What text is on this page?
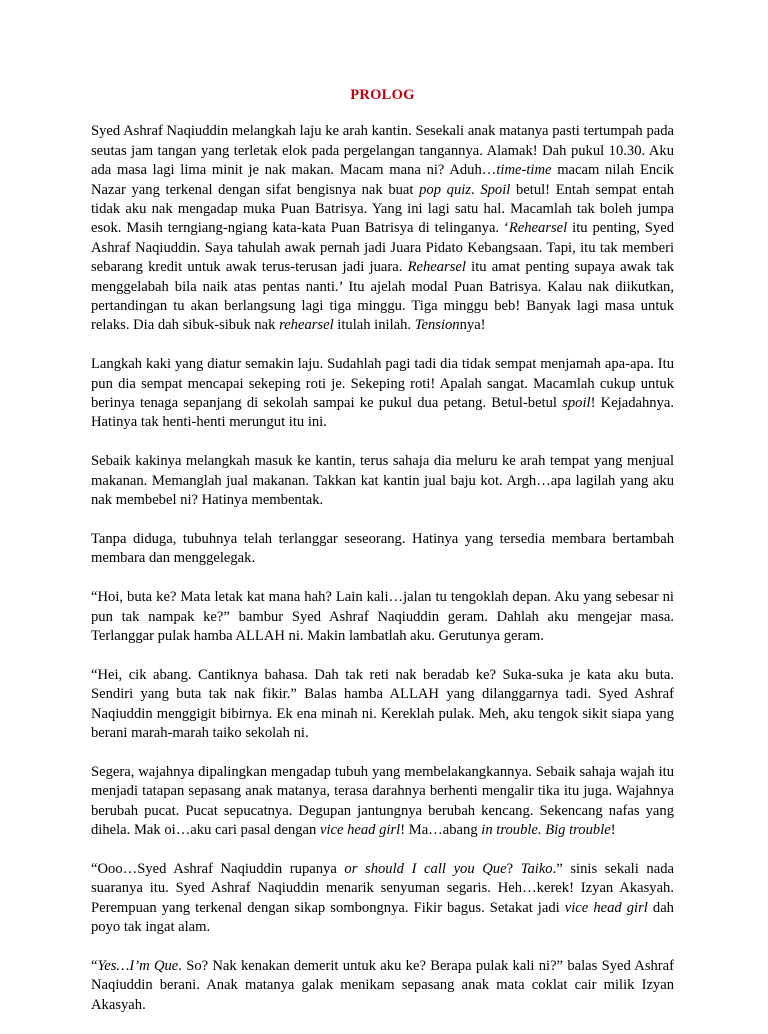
PROLOG

Syed Ashraf Naqiuddin melangkah laju ke arah kantin. Sesekali anak matanya pasti tertumpah pada seutas jam tangan yang terletak elok pada pergelangan tangannya. Alamak! Dah pukul 10.30. Aku ada masa lagi lima minit je nak makan. Macam mana ni? Aduh…time-time macam nilah Encik Nazar yang terkenal dengan sifat bengisnya nak buat pop quiz. Spoil betul! Entah sempat entah tidak aku nak mengadap muka Puan Batrisya. Yang ini lagi satu hal. Macamlah tak boleh jumpa esok. Masih terngiang-ngiang kata-kata Puan Batrisya di telinganya. ‘Rehearsel itu penting, Syed Ashraf Naqiuddin. Saya tahulah awak pernah jadi Juara Pidato Kebangsaan. Tapi, itu tak memberi sebarang kredit untuk awak terus-terusan jadi juara. Rehearsel itu amat penting supaya awak tak menggelabah bila naik atas pentas nanti.’ Itu ajelah modal Puan Batrisya. Kalau nak diikutkan, pertandingan tu akan berlangsung lagi tiga minggu. Tiga minggu beb! Banyak lagi masa untuk relaks. Dia dah sibuk-sibuk nak rehearsel itulah inilah. Tensionnya!

Langkah kaki yang diatur semakin laju. Sudahlah pagi tadi dia tidak sempat menjamah apa-apa. Itu pun dia sempat mencapai sekeping roti je. Sekeping roti! Apalah sangat. Macamlah cukup untuk berinya tenaga sepanjang di sekolah sampai ke pukul dua petang. Betul-betul spoil! Kejadahnya. Hatinya tak henti-henti merungut itu ini.

Sebaik kakinya melangkah masuk ke kantin, terus sahaja dia meluru ke arah tempat yang menjual makanan. Memanglah jual makanan. Takkan kat kantin jual baju kot. Argh…apa lagilah yang aku nak membebel ni? Hatinya membentak.

Tanpa diduga, tubuhnya telah terlanggar seseorang. Hatinya yang tersedia membara bertambah membara dan menggelegak.

“Hoi, buta ke? Mata letak kat mana hah? Lain kali…jalan tu tengoklah depan. Aku yang sebesar ni pun tak nampak ke?” bambur Syed Ashraf Naqiuddin geram. Dahlah aku mengejar masa. Terlanggar pulak hamba ALLAH ni. Makin lambatlah aku. Gerutunya geram.

“Hei, cik abang. Cantiknya bahasa. Dah tak reti nak beradab ke? Suka-suka je kata aku buta. Sendiri yang buta tak nak fikir.” Balas hamba ALLAH yang dilanggarnya tadi. Syed Ashraf Naqiuddin menggigit bibirnya. Ek ena minah ni. Kereklah pulak. Meh, aku tengok sikit siapa yang berani marah-marah taiko sekolah ni.

Segera, wajahnya dipalingkan mengadap tubuh yang membelakangkannya. Sebaik sahaja wajah itu menjadi tatapan sepasang anak matanya, terasa darahnya berhenti mengalir tika itu juga. Wajahnya berubah pucat. Pucat sepucatnya. Degupan jantungnya berubah kencang. Sekencang nafas yang dihela. Mak oi…aku cari pasal dengan vice head girl! Ma…abang in trouble. Big trouble!

“Ooo…Syed Ashraf Naqiuddin rupanya or should I call you Que? Taiko.” sinis sekali nada suaranya itu. Syed Ashraf Naqiuddin menarik senyuman segaris. Heh…kerek! Izyan Akasyah. Perempuan yang terkenal dengan sikap sombongnya. Fikir bagus. Setakat jadi vice head girl dah poyo tak ingat alam.

“Yes…I’m Que. So? Nak kenakan demerit untuk aku ke? Berapa pulak kali ni?” balas Syed Ashraf Naqiuddin berani. Anak matanya galak menikam sepasang anak mata coklat cair milik Izyan Akasyah.
